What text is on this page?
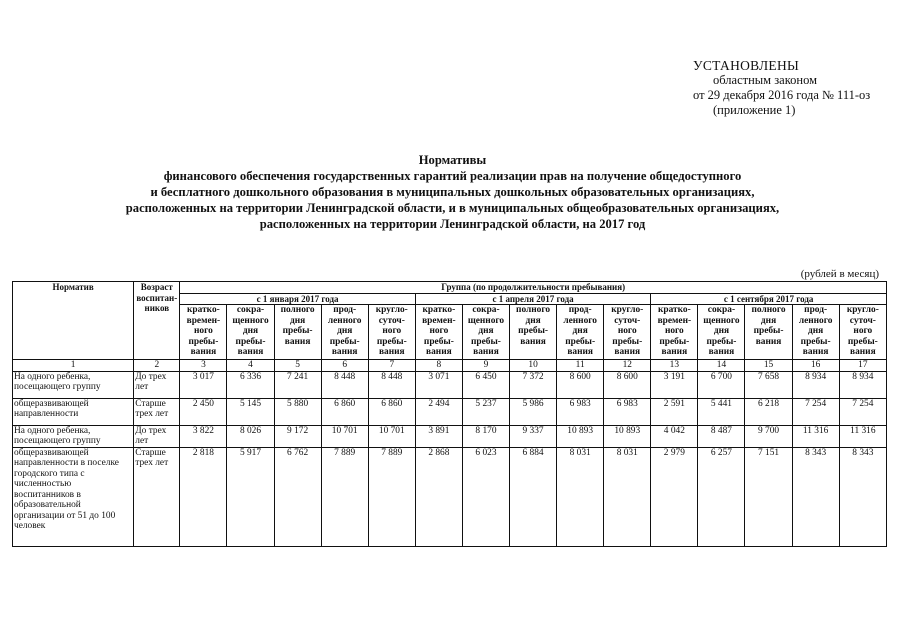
УСТАНОВЛЕНЫ
областным законом
от 29 декабря 2016 года № 111-оз
(приложение 1)
Нормативы
финансового обеспечения государственных гарантий реализации прав на получение общедоступного
и бесплатного дошкольного образования в муниципальных дошкольных образовательных организациях,
расположенных на территории Ленинградской области, и в муниципальных общеобразовательных организациях,
расположенных на территории Ленинградской области, на 2017 год
(рублей в месяц)
Норматив	Возраст воспитан-ников	Группа (по продолжительности пребывания)														
		с 1 января 2017 года					с 1 апреля 2017 года					с 1 сентября 2017 года				
		кратко-времен-ного пребы-вания	сокра-щенного дня пребы-вания	полного дня пребы-вания	прод-ленного дня пребы-вания	кругло-суточ-ного пребы-вания	кратко-времен-ного пребы-вания	сокра-щенного дня пребы-вания	полного дня пребы-вания	прод-ленного дня пребы-вания	кругло-суточ-ного пребы-вания	кратко-времен-ного пребы-вания	сокра-щенного дня пребы-вания	полного дня пребы-вания	прод-ленного дня пребы-вания	кругло-суточ-ного пребы-вания
1	2	3	4	5	6	7	8	9	10	11	12	13	14	15	16	17
На одного ребенка, посещающего группу	До трех лет	3 017	6 336	7 241	8 448	8 448	3 071	6 450	7 372	8 600	8 600	3 191	6 700	7 658	8 934	8 934
общеразвивающей направленности	Старше трех лет	2 450	5 145	5 880	6 860	6 860	2 494	5 237	5 986	6 983	6 983	2 591	5 441	6 218	7 254	7 254
На одного ребенка, посещающего группу	До трех лет	3 822	8 026	9 172	10 701	10 701	3 891	8 170	9 337	10 893	10 893	4 042	8 487	9 700	11 316	11 316
общеразвивающей направленности в поселке городского типа с численностью воспитанников в образовательной организации от 51 до 100 человек	Старше трех лет	2 818	5 917	6 762	7 889	7 889	2 868	6 023	6 884	8 031	8 031	2 979	6 257	7 151	8 343	8 343
